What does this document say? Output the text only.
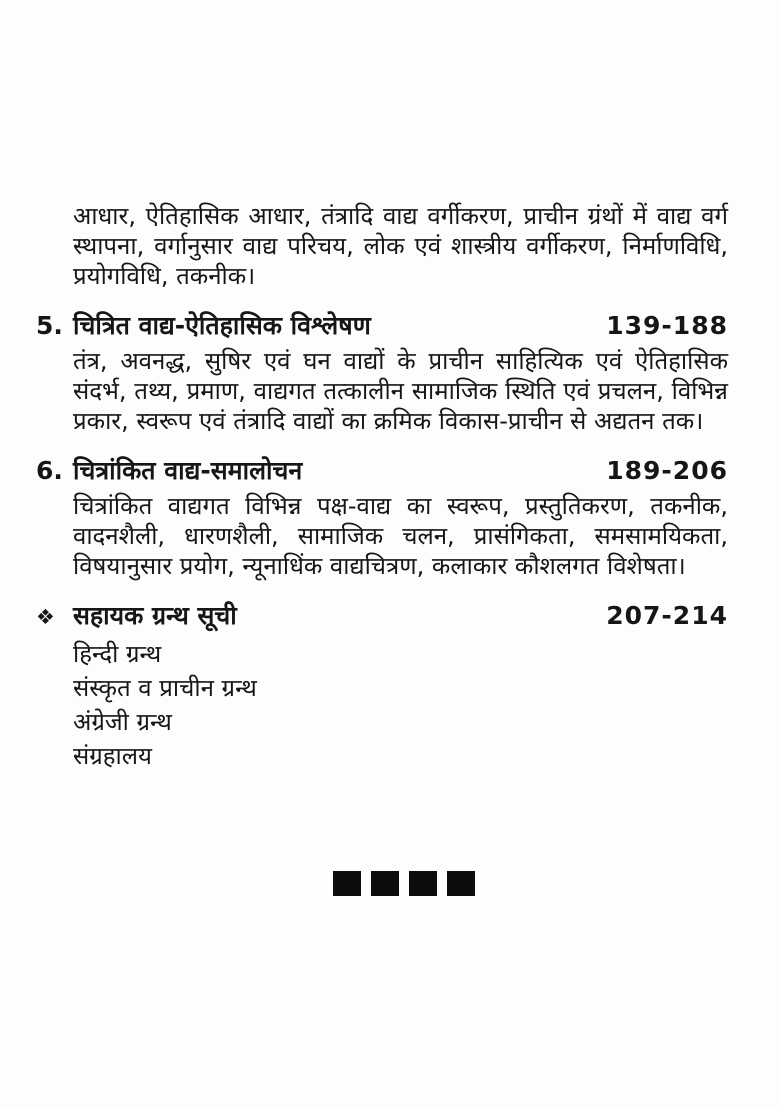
आधार, ऐतिहासिक आधार, तंत्रादि वाद्य वर्गीकरण, प्राचीन ग्रंथों में वाद्य वर्ग स्थापना, वर्गानुसार वाद्य परिचय, लोक एवं शास्त्रीय वर्गीकरण, निर्माणविधि, प्रयोगविधि, तकनीक।

5. चित्रित वाद्य-ऐतिहासिक विश्लेषण	139-188

तंत्र, अवनद्ध, सुषिर एवं घन वाद्यों के प्राचीन साहित्यिक एवं ऐतिहासिक संदर्भ, तथ्य, प्रमाण, वाद्यगत तत्कालीन सामाजिक स्थिति एवं प्रचलन, विभिन्न प्रकार, स्वरूप एवं तंत्रादि वाद्यों का क्रमिक विकास-प्राचीन से अद्यतन तक।

6. चित्रांकित वाद्य-समालोचन	189-206

चित्रांकित वाद्यगत विभिन्न पक्ष-वाद्य का स्वरूप, प्रस्तुतिकरण, तकनीक, वादनशैली, धारणशैली, सामाजिक चलन, प्रासंगिकता, समसामयिकता, विषयानुसार प्रयोग, न्यूनाधिंक वाद्यचित्रण, कलाकार कौशलगत विशेषता।

❖ सहायक ग्रन्थ सूची	207-214
हिन्दी ग्रन्थ
संस्कृत व प्राचीन ग्रन्थ
अंग्रेजी ग्रन्थ
संग्रहालय
